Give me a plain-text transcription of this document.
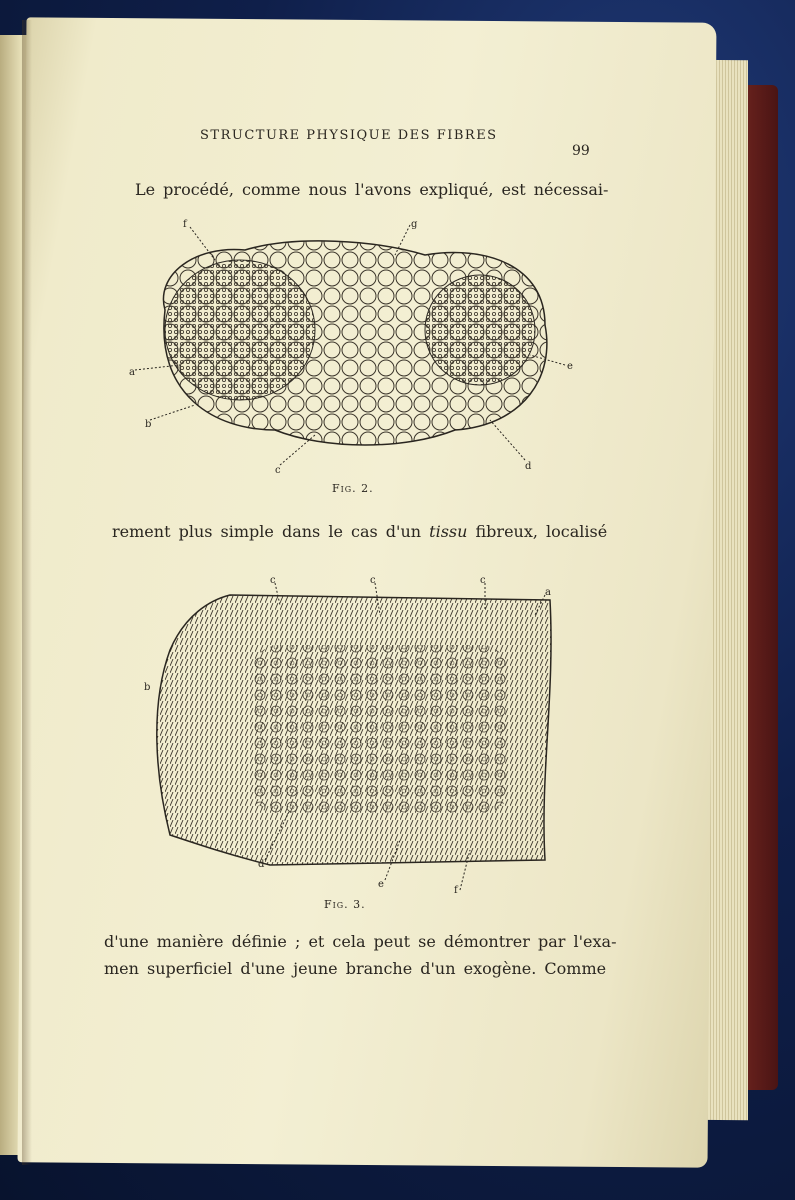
STRUCTURE PHYSIQUE DES FIBRES
99
Le procédé, comme nous l'avons expliqué, est nécessai-
a
b
c	d
e
f	g
Fig. 2.
rement plus simple dans le cas d'un tissu fibreux, localisé
c	c	c
a
b
d
e
f
Fig. 3.
d'une manière définie ; et cela peut se démontrer par l'exa-
men superficiel d'une jeune branche d'un exogène. Comme
